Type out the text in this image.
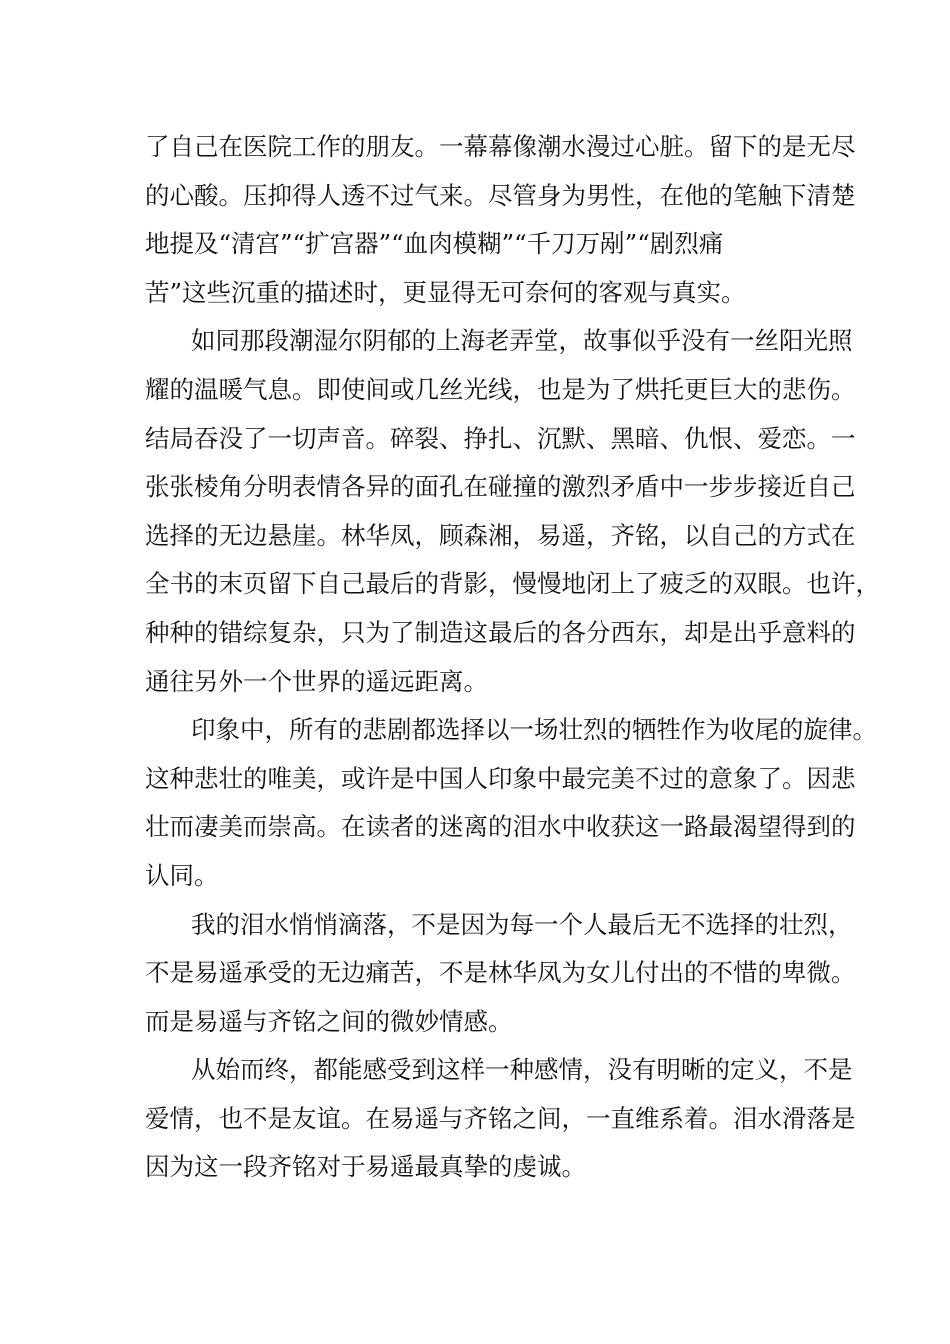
了自己在医院工作的朋友。一幕幕像潮水漫过心脏。留下的是无尽
的心酸。压抑得人透不过气来。尽管身为男性，在他的笔触下清楚
地提及“清宫”“扩宫器”“血肉模糊”“千刀万剐”“剧烈痛
苦”这些沉重的描述时，更显得无可奈何的客观与真实。
如同那段潮湿尔阴郁的上海老弄堂，故事似乎没有一丝阳光照
耀的温暖气息。即使间或几丝光线，也是为了烘托更巨大的悲伤。
结局吞没了一切声音。碎裂、挣扎、沉默、黑暗、仇恨、爱恋。一
张张棱角分明表情各异的面孔在碰撞的激烈矛盾中一步步接近自己
选择的无边悬崖。林华凤，顾森湘，易遥，齐铭，以自己的方式在
全书的末页留下自己最后的背影，慢慢地闭上了疲乏的双眼。也许，
种种的错综复杂，只为了制造这最后的各分西东，却是出乎意料的
通往另外一个世界的遥远距离。
印象中，所有的悲剧都选择以一场壮烈的牺牲作为收尾的旋律。
这种悲壮的唯美，或许是中国人印象中最完美不过的意象了。因悲
壮而凄美而崇高。在读者的迷离的泪水中收获这一路最渴望得到的
认同。
我的泪水悄悄滴落，不是因为每一个人最后无不选择的壮烈，
不是易遥承受的无边痛苦，不是林华凤为女儿付出的不惜的卑微。
而是易遥与齐铭之间的微妙情感。
从始而终，都能感受到这样一种感情，没有明晰的定义，不是
爱情，也不是友谊。在易遥与齐铭之间，一直维系着。泪水滑落是
因为这一段齐铭对于易遥最真挚的虔诚。
